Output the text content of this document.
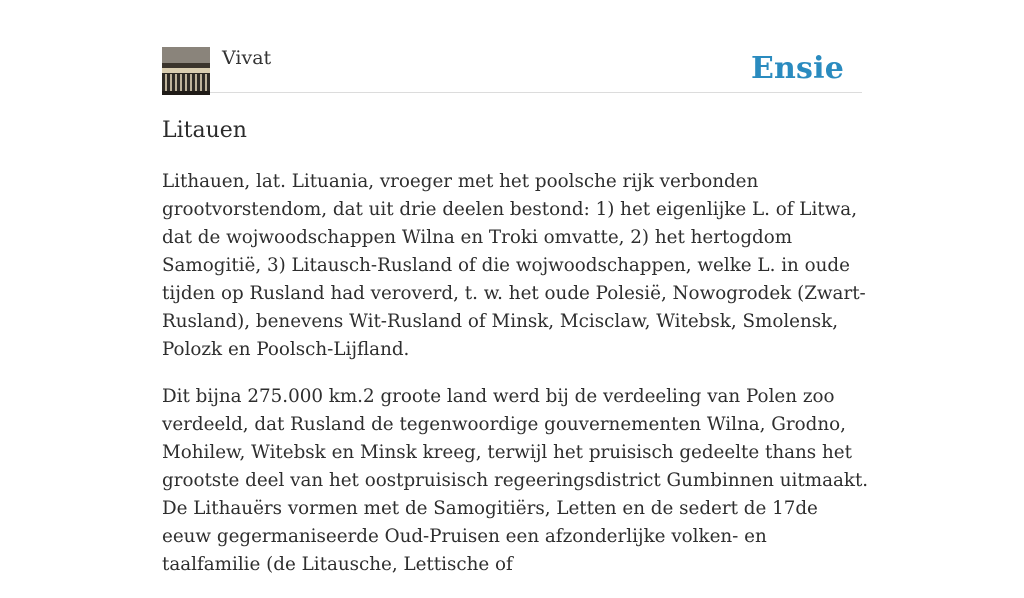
Vivat	Ensie
Litauen

Lithauen, lat. Lituania, vroeger met het poolsche rijk verbonden grootvorstendom, dat uit drie deelen bestond: 1) het eigenlijke L. of Litwa, dat de wojwoodschappen Wilna en Troki omvatte, 2) het hertogdom Samogitië, 3) Litausch-Rusland of die wojwoodschappen, welke L. in oude tijden op Rusland had veroverd, t. w. het oude Polesië, Nowogrodek (Zwart-Rusland), benevens Wit-Rusland of Minsk, Mcisclaw, Witebsk, Smolensk, Polozk en Poolsch-Lijfland.

Dit bijna 275.000 km.2 groote land werd bij de verdeeling van Polen zoo verdeeld, dat Rusland de tegenwoordige gouvernementen Wilna, Grodno, Mohilew, Witebsk en Minsk kreeg, terwijl het pruisisch gedeelte thans het grootste deel van het oostpruisisch regeeringsdistrict Gumbinnen uitmaakt. De Lithauërs vormen met de Samogitiërs, Letten en de sedert de 17de eeuw gegermaniseerde Oud-Pruisen een afzonderlijke volken- en taalfamilie (de Litausche, Lettische of
